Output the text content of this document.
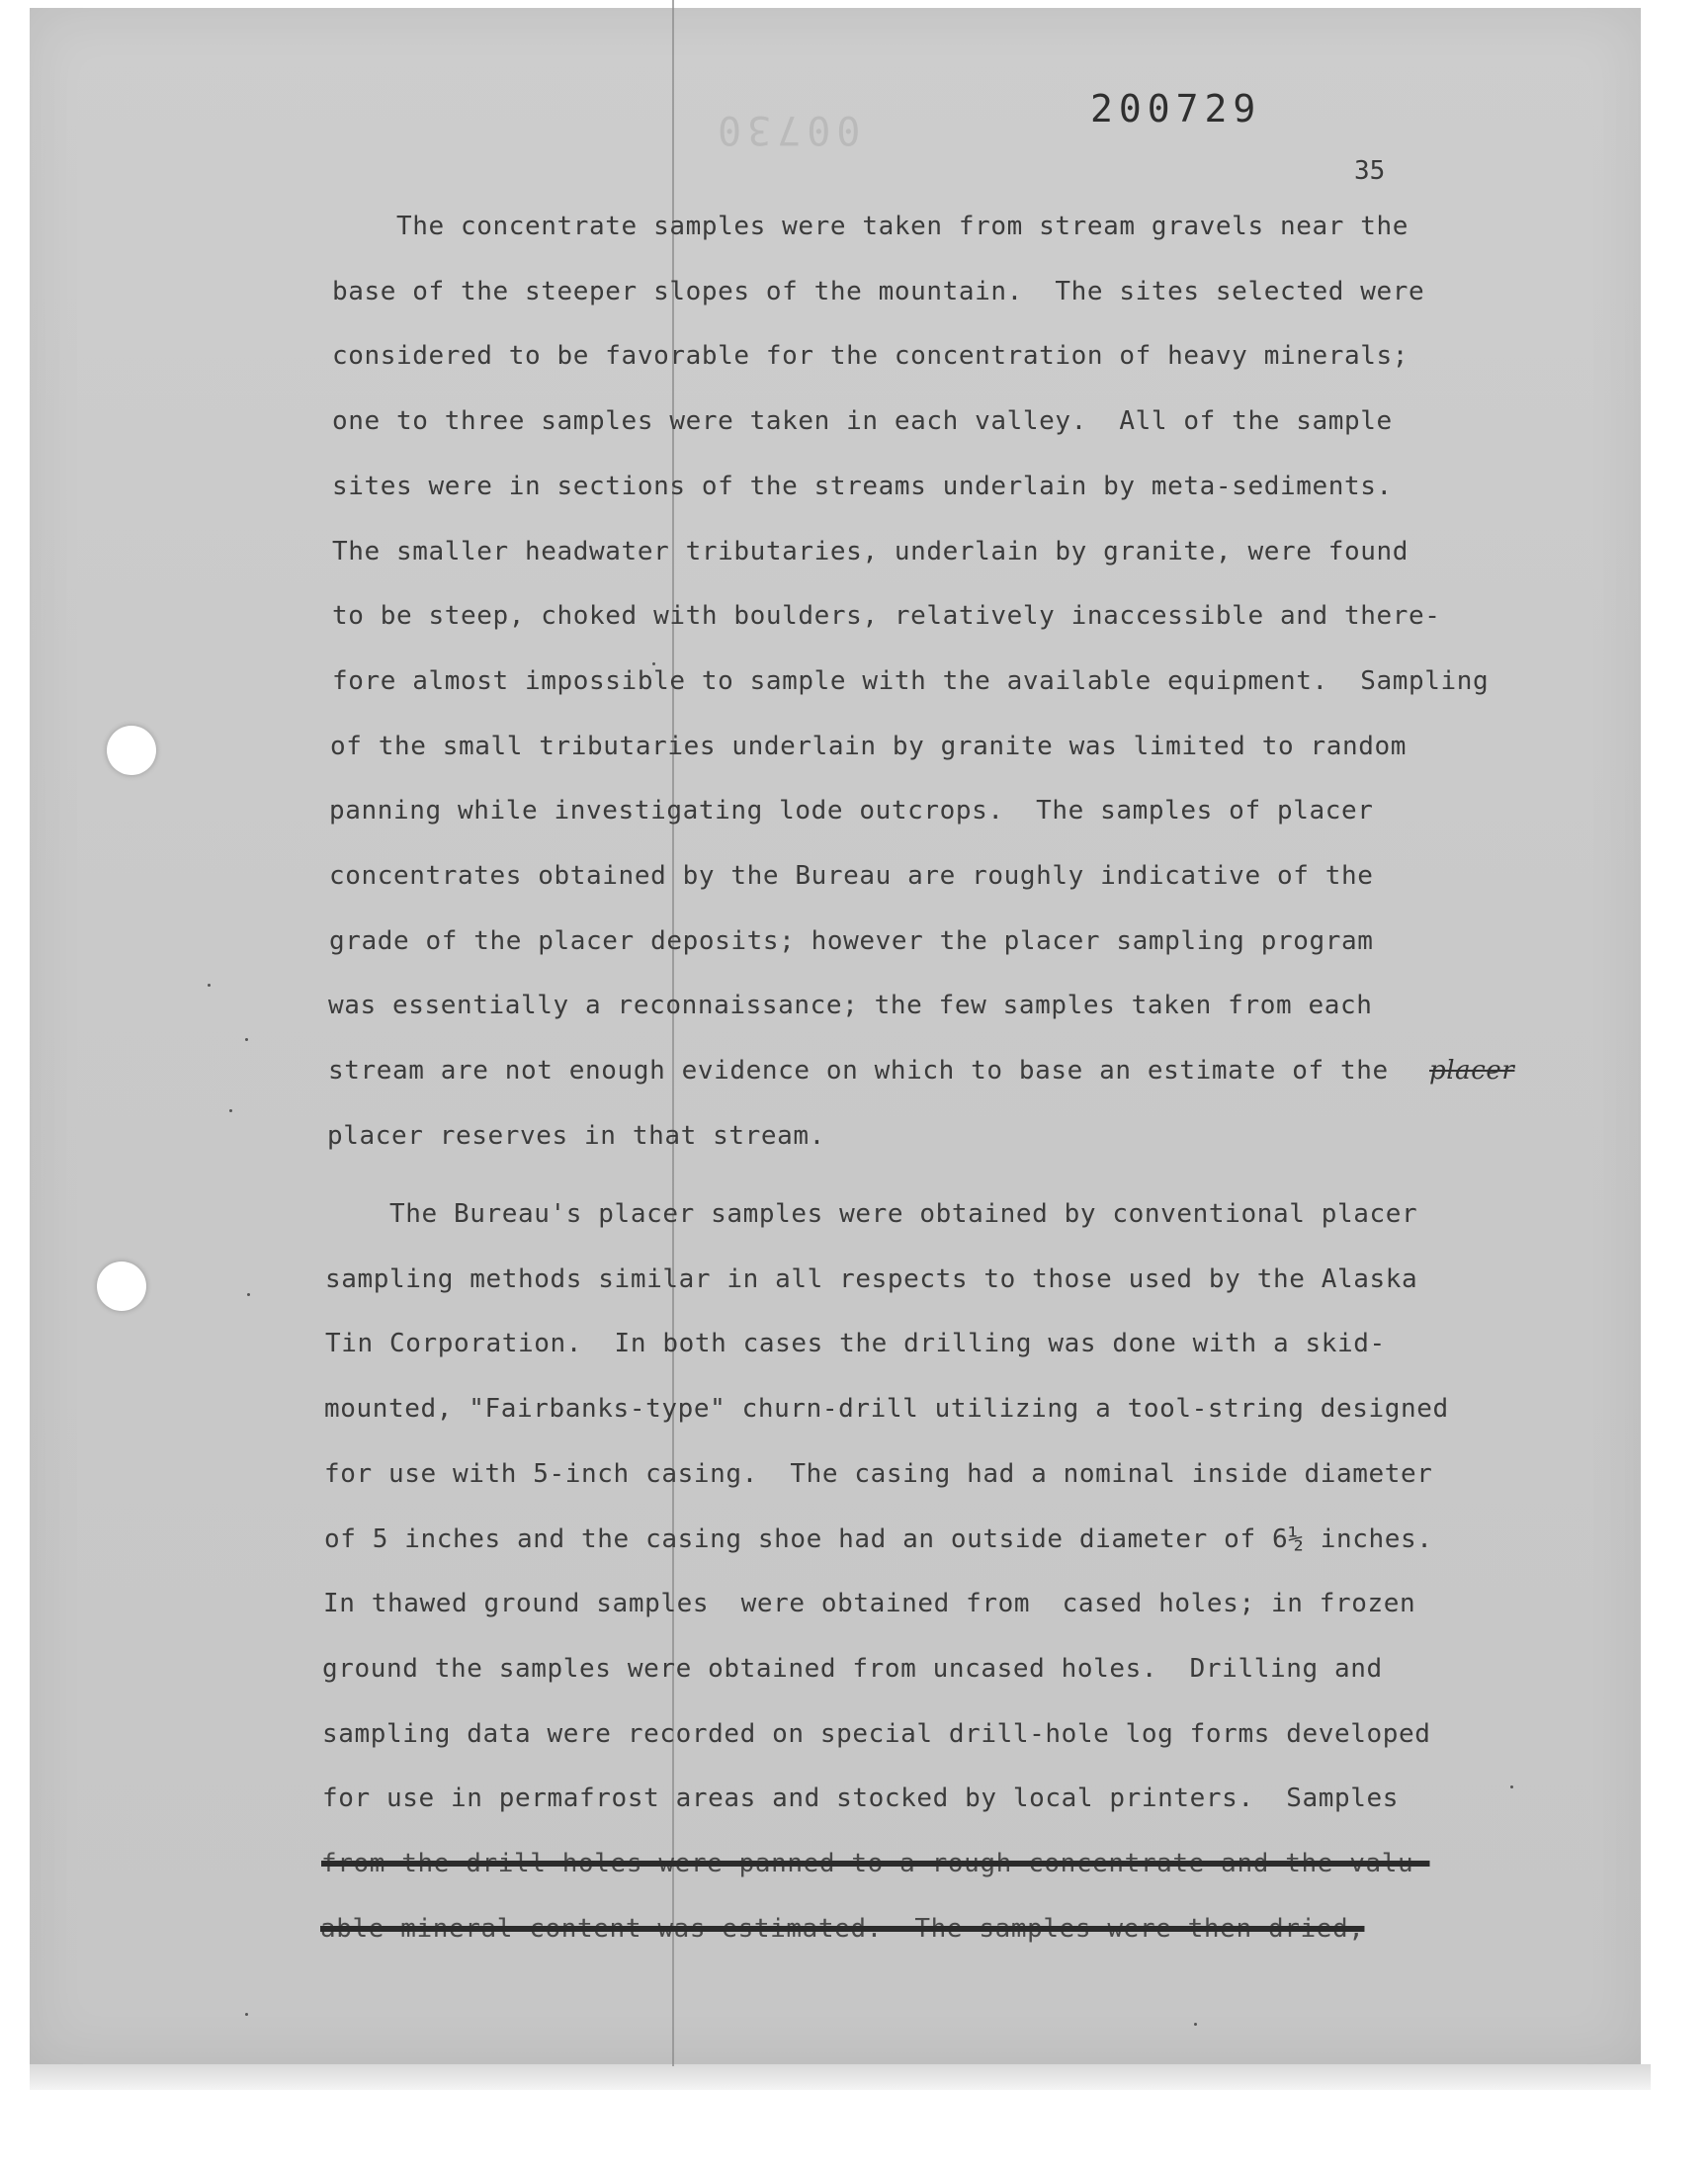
00730	200729
35
The concentrate samples were taken from stream gravels near the
base of the steeper slopes of the mountain.  The sites selected were
considered to be favorable for the concentration of heavy minerals;
one to three samples were taken in each valley.  All of the sample
sites were in sections of the streams underlain by meta-sediments.
The smaller headwater tributaries, underlain by granite, were found
to be steep, choked with boulders, relatively inaccessible and there-
fore almost impossible to sample with the available equipment.  Sampling
of the small tributaries underlain by granite was limited to random
panning while investigating lode outcrops.  The samples of placer
concentrates obtained by the Bureau are roughly indicative of the
grade of the placer deposits; however the placer sampling program
was essentially a reconnaissance; the few samples taken from each
stream are not enough evidence on which to base an estimate of the
placer reserves in that stream.
placer
The Bureau's placer samples were obtained by conventional placer
sampling methods similar in all respects to those used by the Alaska
Tin Corporation.  In both cases the drilling was done with a skid-
mounted, "Fairbanks-type" churn-drill utilizing a tool-string designed
for use with 5-inch casing.  The casing had a nominal inside diameter
of 5 inches and the casing shoe had an outside diameter of 6½ inches.
In thawed ground samples  were obtained from  cased holes; in frozen
ground the samples were obtained from uncased holes.  Drilling and
sampling data were recorded on special drill-hole log forms developed
for use in permafrost areas and stocked by local printers.  Samples
from the drill holes were panned to a rough concentrate and the valu-
able mineral content was estimated.  The samples were then dried,
